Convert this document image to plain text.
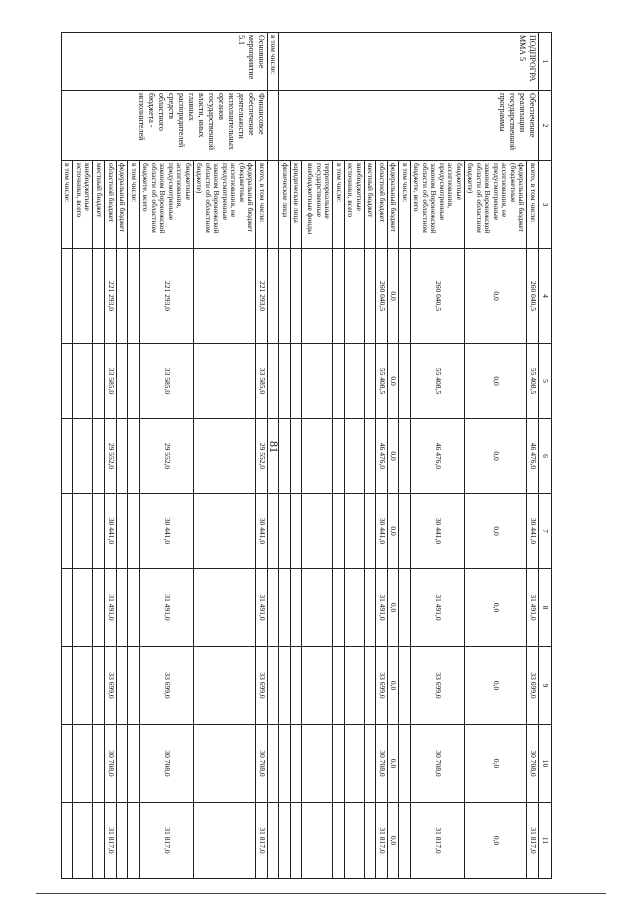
81
1	2	3	4	5	6	7	8	9	10	11
ПОДПРОГРАММА 5	Обеспечение реализации государственной программы	всего, в том числе:	260 040,5	55 408,5	46 476,0	30 441,0	31 491,0	33 699,0	30 708,0	31 817,0
		федеральный бюджет (бюджетные ассигнования, не предусмотренные законом Воронежской области об областном бюджете)	0,0	0,0	0,0	0,0	0,0	0,0	0,0	0,0
		бюджетные ассигнования, предусмотренные законом Воронежской области об областном бюджете, всего	260 040,5	55 408,5	46 476,0	30 441,0	31 491,0	33 699,0	30 708,0	31 817,0
		в том числе:								
		федеральный бюджет	0,0	0,0	0,0	0,0	0,0	0,0	0,0	0,0
		областной бюджет	260 040,5	55 408,5	46 476,0	30 441,0	31 491,0	33 699,0	30 708,0	31 817,0
		местный бюджет								
		внебюджетные источники, всего								
		в том числе:								
		территориальные государственные внебюджетные фонды								
		юридические лица								
		физические лица								
в том числе:										
Основное мероприятие 5.1	Финансовое обеспечение деятельности исполнительных органов государственной власти, иных главных распорядителей средств областного бюджета - исполнителей	всего, в том числе:	221 293,0	33 585,0	29 552,0	30 441,0	31 491,0	33 699,0	30 708,0	31 817,0
		федеральный бюджет (бюджетные ассигнования, не предусмотренные законом Воронежской области об областном бюджете)								
		бюджетные ассигнования, предусмотренные законом Воронежской области об областном бюджете, всего	221 293,0	33 585,0	29 552,0	30 441,0	31 491,0	33 699,0	30 708,0	31 817,0
		в том числе:								
		федеральный бюджет								
		областной бюджет	221 293,0	33 585,0	29 552,0	30 441,0	31 491,0	33 699,0	30 708,0	31 817,0
		местный бюджет								
		внебюджетные источники, всего								
		в том числе:								
